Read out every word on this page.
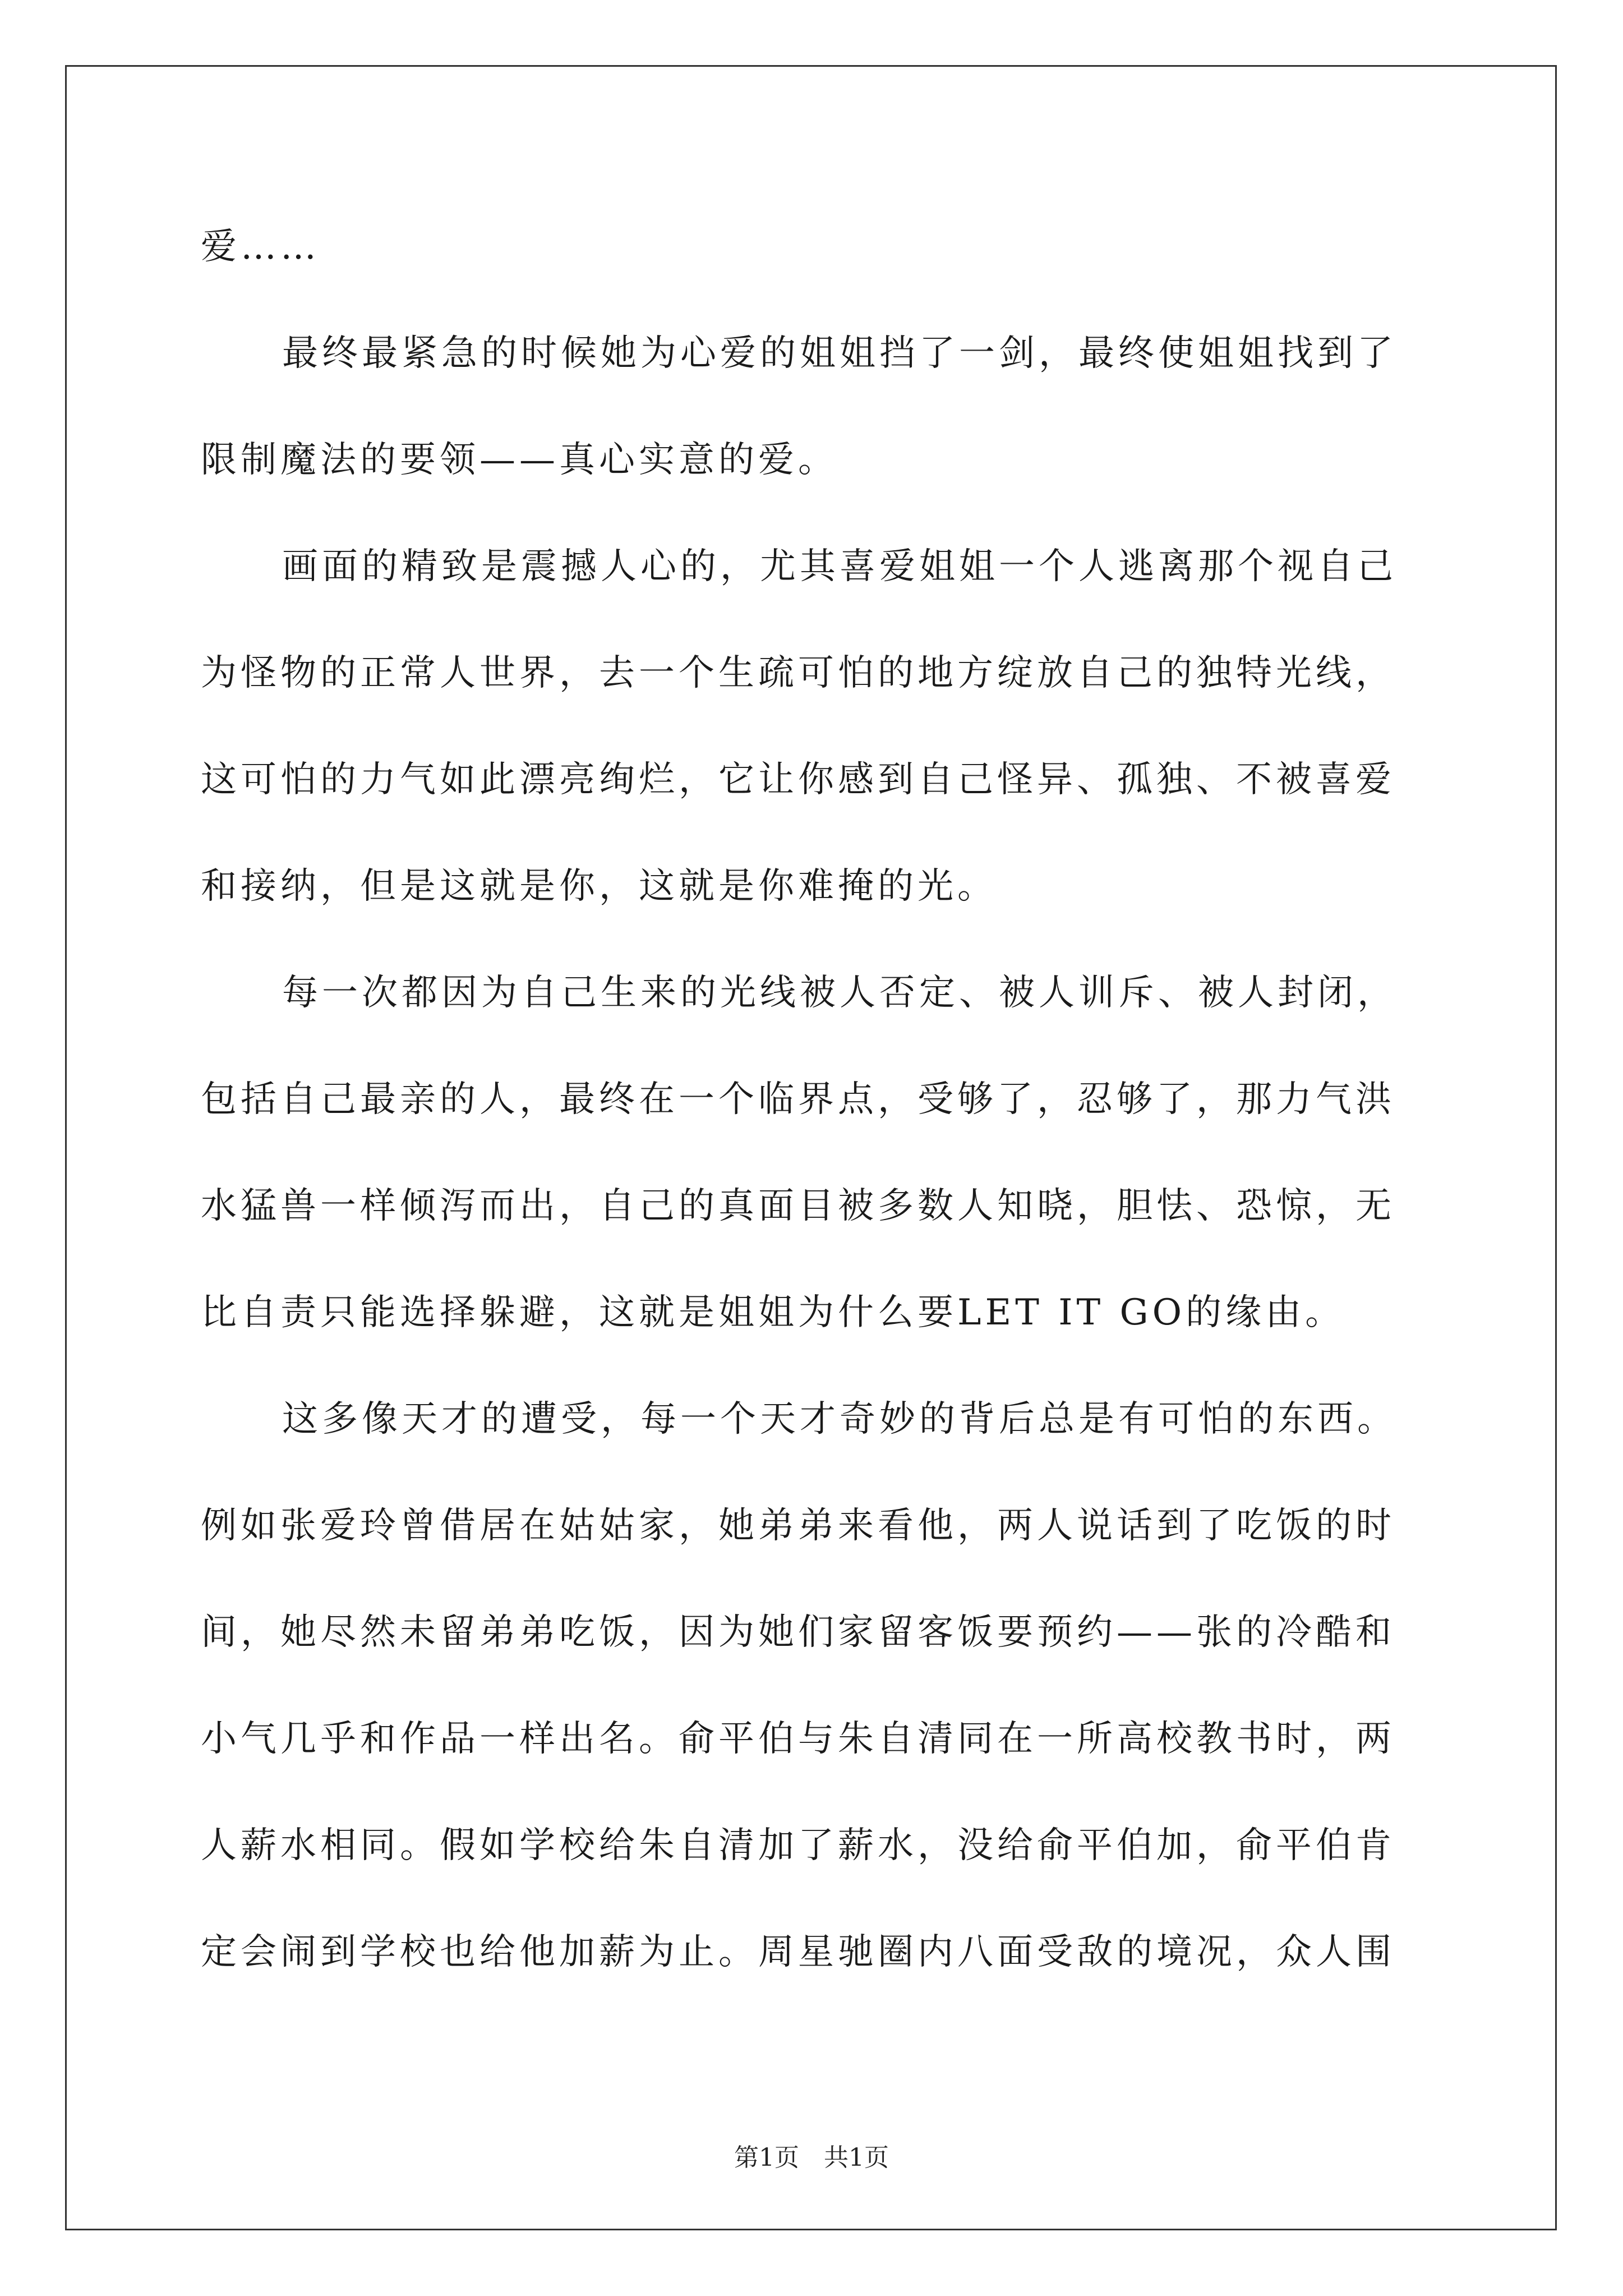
爱……
最终最紧急的时候她为心爱的姐姐挡了一剑，最终使姐姐找到了
限制魔法的要领——真心实意的爱。
画面的精致是震撼人心的，尤其喜爱姐姐一个人逃离那个视自己
为怪物的正常人世界，去一个生疏可怕的地方绽放自己的独特光线，
这可怕的力气如此漂亮绚烂，它让你感到自己怪异、孤独、不被喜爱
和接纳，但是这就是你，这就是你难掩的光。
每一次都因为自己生来的光线被人否定、被人训斥、被人封闭，
包括自己最亲的人，最终在一个临界点，受够了，忍够了，那力气洪
水猛兽一样倾泻而出，自己的真面目被多数人知晓，胆怯、恐惊，无
比自责只能选择躲避，这就是姐姐为什么要LET IT GO的缘由。
这多像天才的遭受，每一个天才奇妙的背后总是有可怕的东西。
例如张爱玲曾借居在姑姑家，她弟弟来看他，两人说话到了吃饭的时
间，她尽然未留弟弟吃饭，因为她们家留客饭要预约——张的冷酷和
小气几乎和作品一样出名。俞平伯与朱自清同在一所高校教书时，两
人薪水相同。假如学校给朱自清加了薪水，没给俞平伯加，俞平伯肯
定会闹到学校也给他加薪为止。周星驰圈内八面受敌的境况，众人围
第1页　共1页
